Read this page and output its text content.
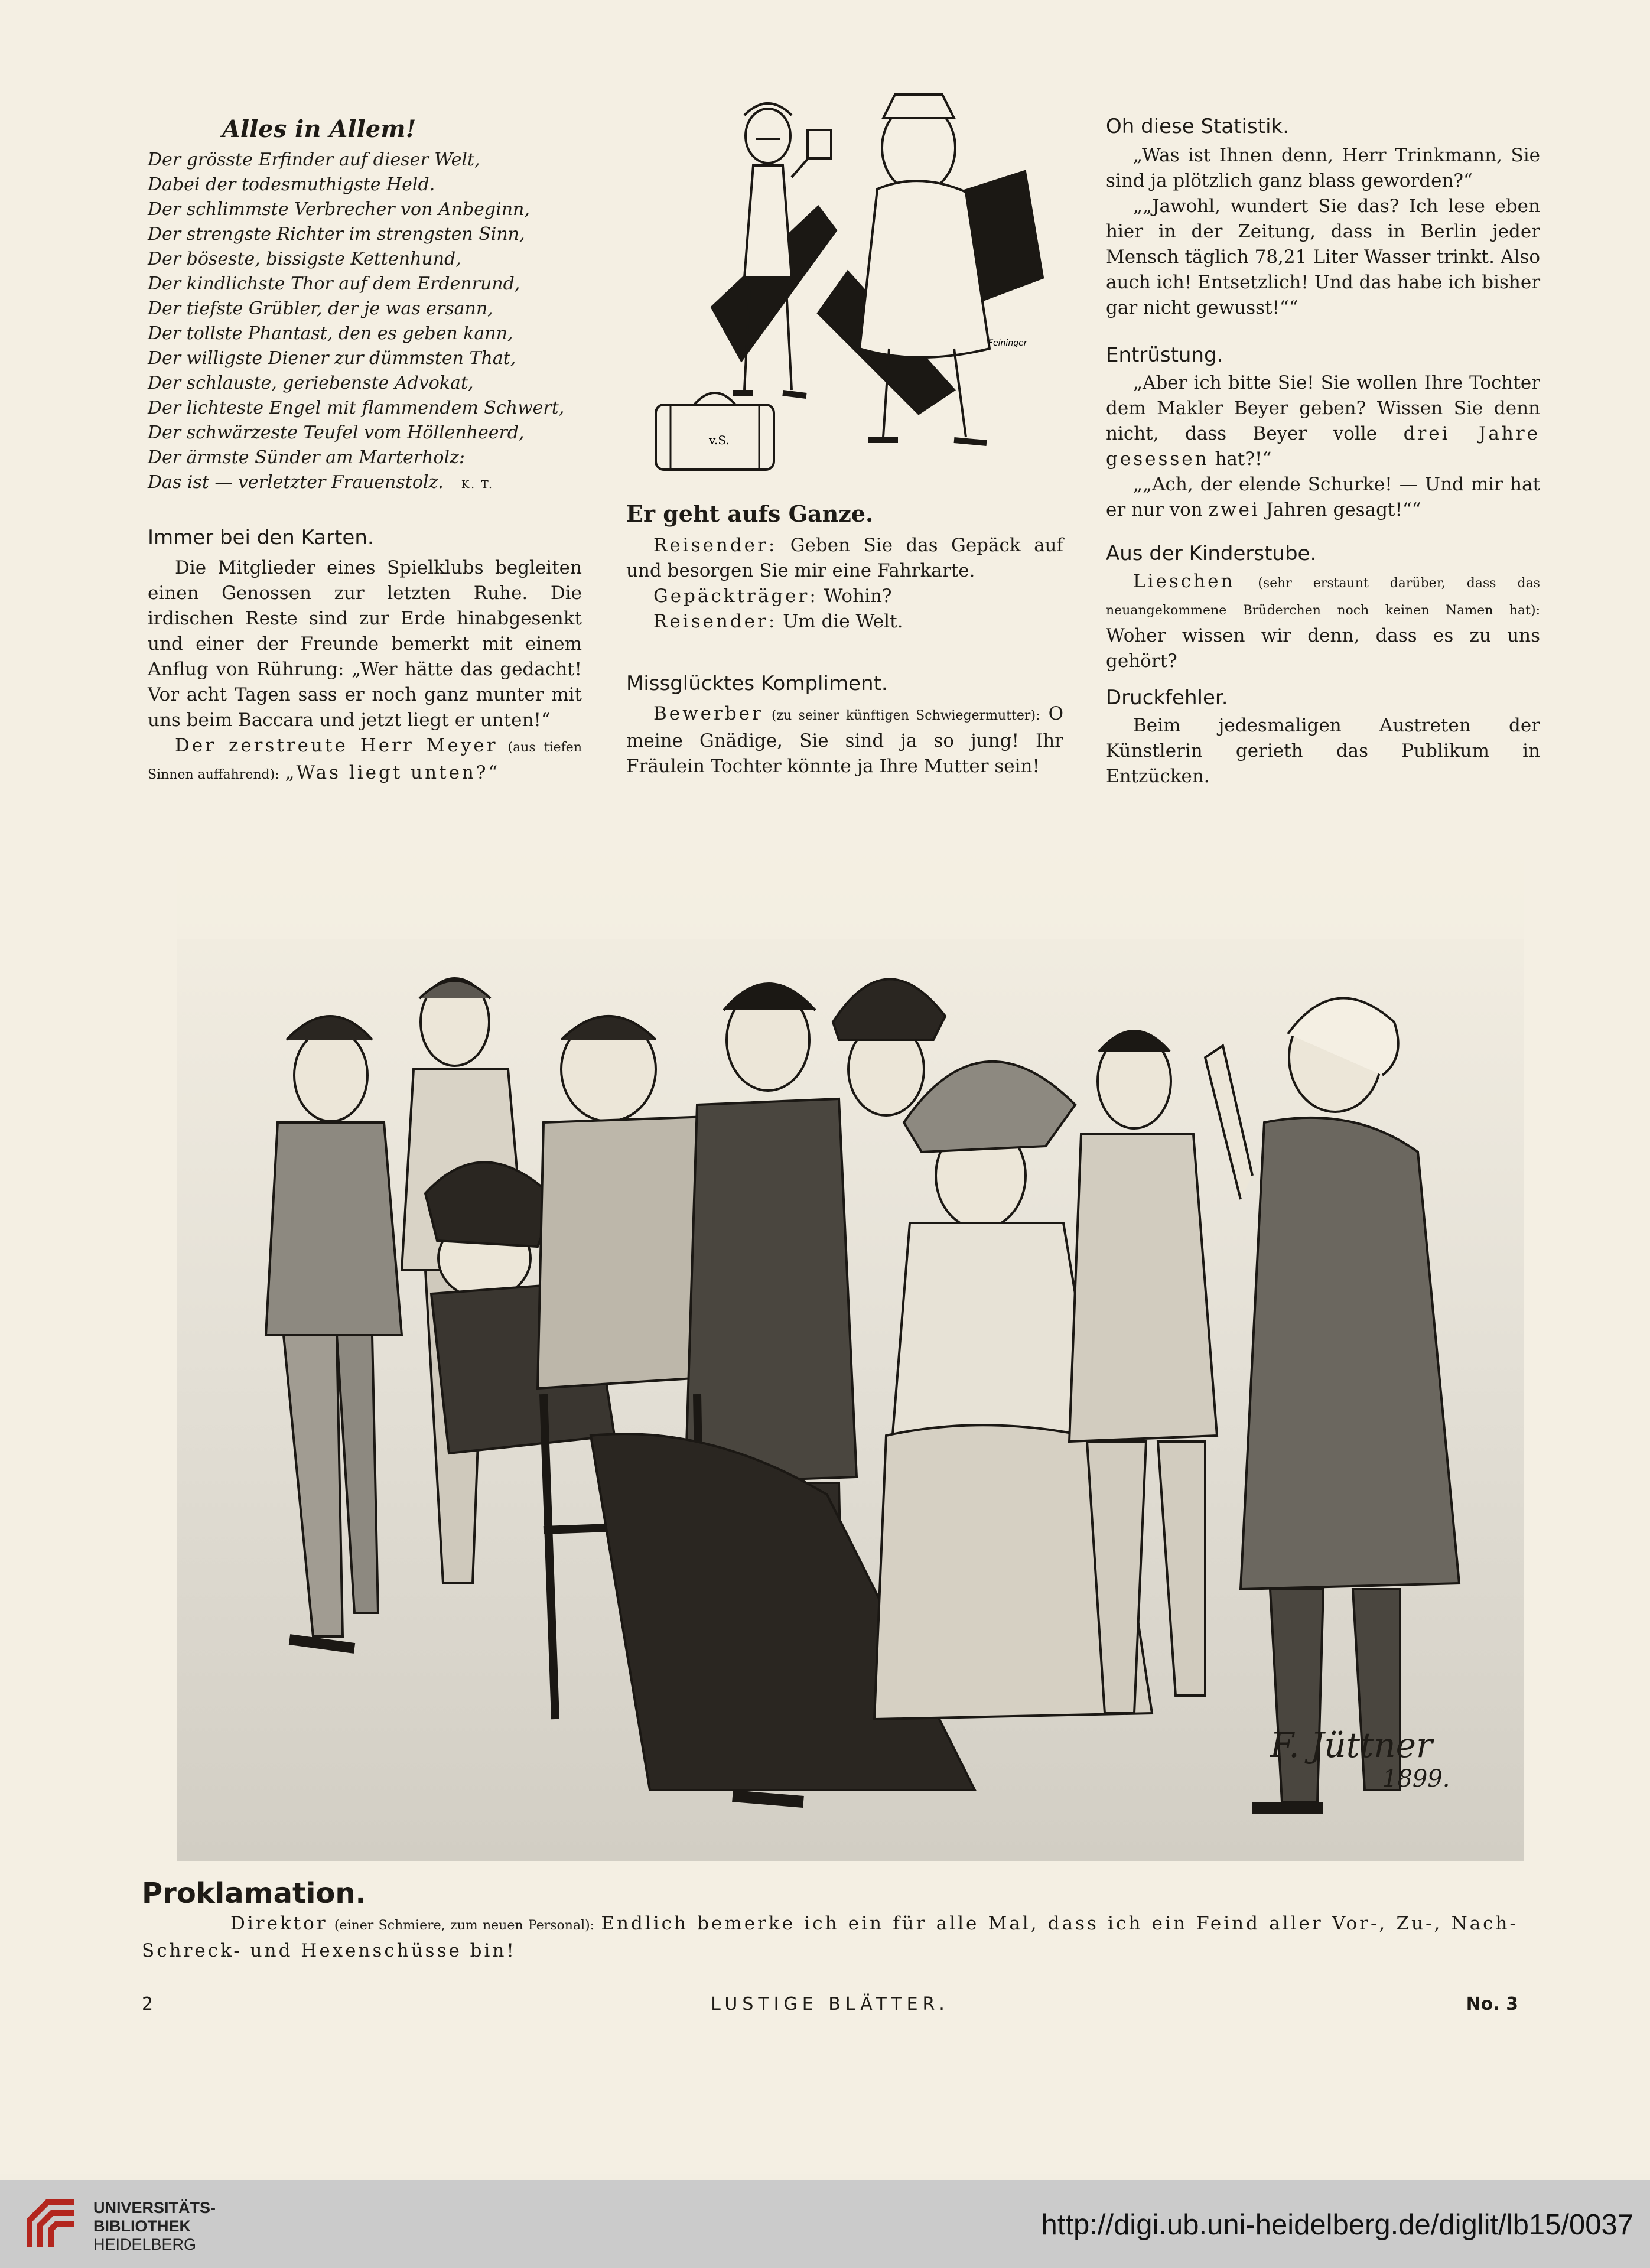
Alles in Allem!
Der grösste Erfinder auf dieser Welt,
Dabei der todesmuthigste Held.
Der schlimmste Verbrecher von Anbeginn,
Der strengste Richter im strengsten Sinn,
Der böseste, bissigste Kettenhund,
Der kindlichste Thor auf dem Erdenrund,
Der tiefste Grübler, der je was ersann,
Der tollste Phantast, den es geben kann,
Der willigste Diener zur dümmsten That,
Der schlauste, geriebenste Advokat,
Der lichteste Engel mit flammendem Schwert,
Der schwärzeste Teufel vom Höllenheerd,
Der ärmste Sünder am Marterholz:
Das ist — verletzter Frauenstolz. K. T.
Immer bei den Karten.
Die Mitglieder eines Spielklubs begleiten einen Genossen zur letzten Ruhe. Die irdischen Reste sind zur Erde hinabgesenkt und einer der Freunde bemerkt mit einem Anflug von Rührung: „Wer hätte das gedacht! Vor acht Tagen sass er noch ganz munter mit uns beim Baccara und jetzt liegt er unten!“
Der zerstreute Herr Meyer (aus tiefen Sinnen auffahrend): „Was liegt unten?“
v.S.
Feininger
Er geht aufs Ganze.
Reisender: Geben Sie das Gepäck auf und besorgen Sie mir eine Fahrkarte.
Gepäckträger: Wohin?
Reisender: Um die Welt.
Missglücktes Kompliment.
Bewerber (zu seiner künftigen Schwiegermutter): O meine Gnädige, Sie sind ja so jung! Ihr Fräulein Tochter könnte ja Ihre Mutter sein!
Oh diese Statistik.
„Was ist Ihnen denn, Herr Trinkmann, Sie sind ja plötzlich ganz blass geworden?“
„„Jawohl, wundert Sie das? Ich lese eben hier in der Zeitung, dass in Berlin jeder Mensch täglich 78,21 Liter Wasser trinkt. Also auch ich! Entsetzlich! Und das habe ich bisher gar nicht gewusst!““
Entrüstung.
„Aber ich bitte Sie! Sie wollen Ihre Tochter dem Makler Beyer geben? Wissen Sie denn nicht, dass Beyer volle drei Jahre gesessen hat?!“
„„Ach, der elende Schurke! — Und mir hat er nur von zwei Jahren gesagt!““
Aus der Kinderstube.
Lieschen (sehr erstaunt darüber, dass das neuangekommene Brüderchen noch keinen Namen hat): Woher wissen wir denn, dass es zu uns gehört?
Druckfehler.
Beim jedesmaligen Austreten der Künstlerin gerieth das Publikum in Entzücken.
F. Jüttner
1899.
Proklamation.
Direktor (einer Schmiere, zum neuen Personal): Endlich bemerke ich ein für alle Mal, dass ich ein Feind aller Vor-, Zu-, Nach-Schreck- und Hexenschüsse bin!
2	LUSTIGE BLÄTTER.	No. 3
UNIVERSITÄTS-
BIBLIOTHEK
HEIDELBERG
http://digi.ub.uni-heidelberg.de/diglit/lb15/0037
